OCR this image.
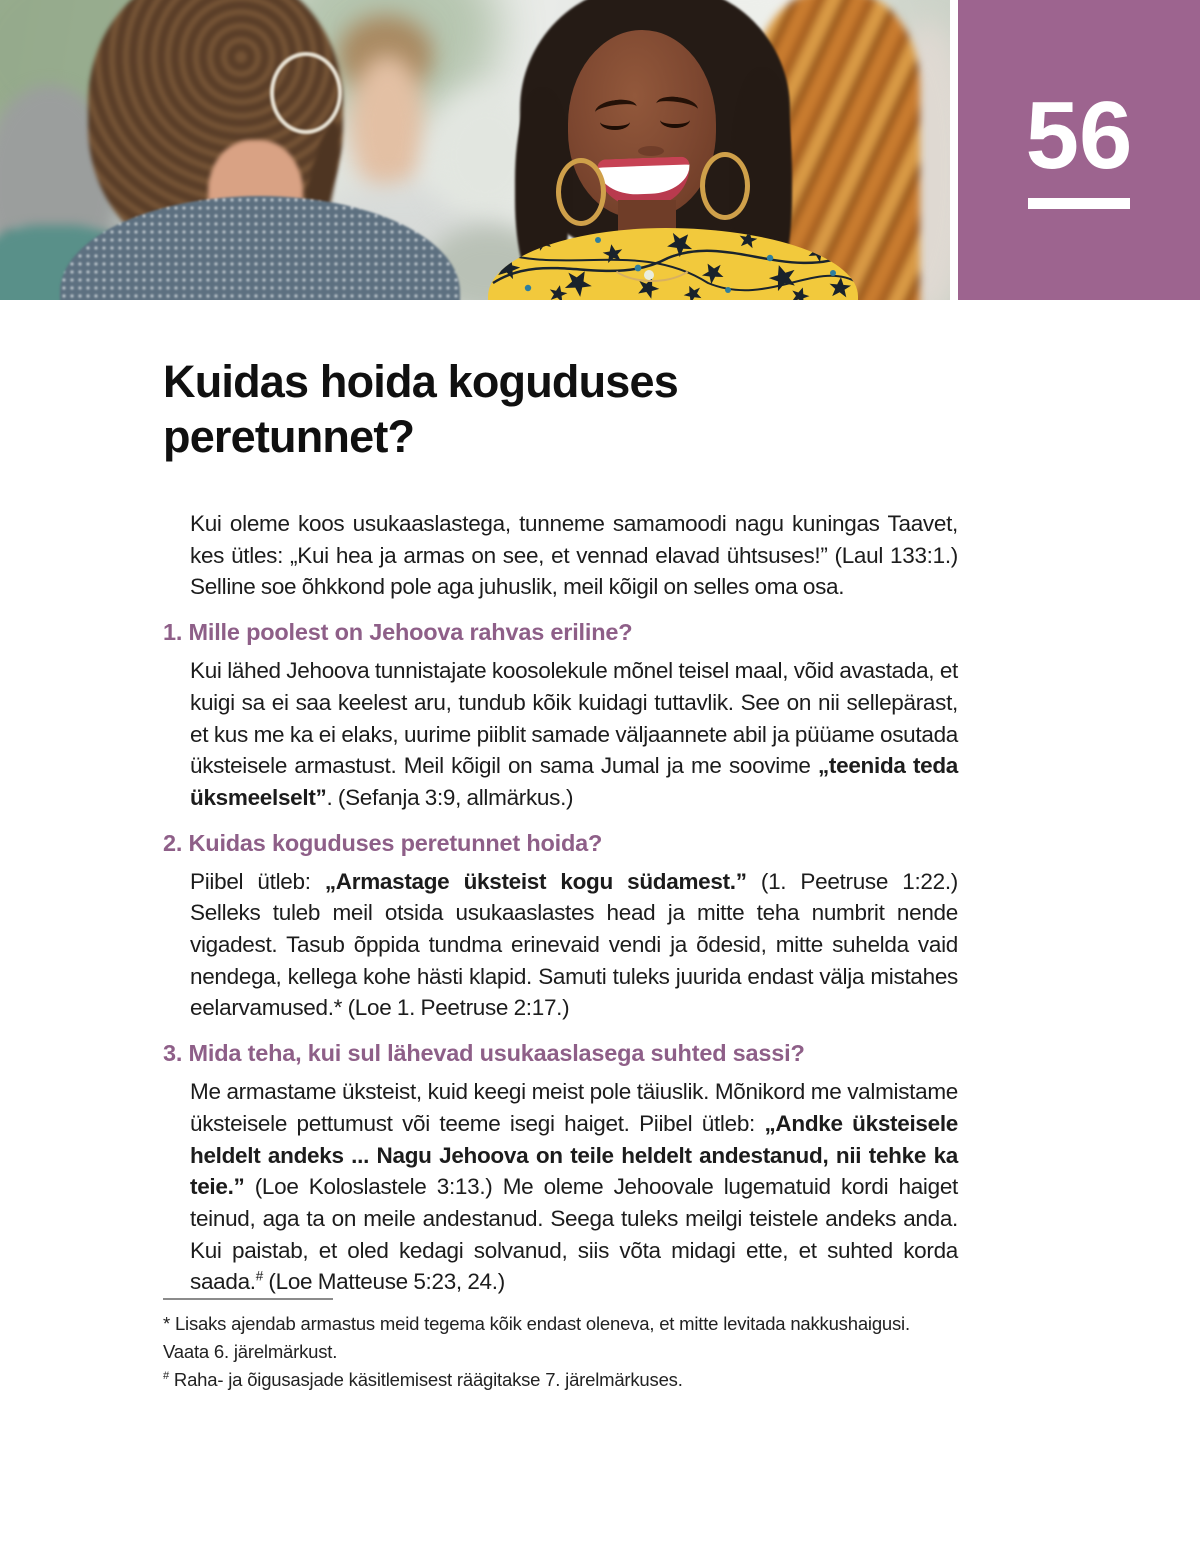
56
Kuidas hoida koguduses peretunnet?

Kui oleme koos usukaaslastega, tunneme samamoodi nagu kuningas Taavet, kes ütles: „Kui hea ja armas on see, et vennad elavad ühtsuses!” (Laul 133:1.) Selline soe õhkkond pole aga juhuslik, meil kõigil on selles oma osa.

1. Mille poolest on Jehoova rahvas eriline?

Kui lähed Jehoova tunnistajate koosolekule mõnel teisel maal, võid avastada, et kuigi sa ei saa keelest aru, tundub kõik kuidagi tuttavlik. See on nii sellepärast, et kus me ka ei elaks, uurime piiblit samade väljaannete abil ja püüame osutada üksteisele armastust. Meil kõigil on sama Jumal ja me soovime „teenida teda üksmeelselt”. (Sefanja 3:9, allmärkus.)

2. Kuidas koguduses peretunnet hoida?

Piibel ütleb: „Armastage üksteist kogu südamest.” (1. Peetruse 1:22.) Selleks tuleb meil otsida usukaaslastes head ja mitte teha numbrit nende vigadest. Tasub õppida tundma erinevaid vendi ja õdesid, mitte suhelda vaid nendega, kellega kohe hästi klapid. Samuti tuleks juurida endast välja mistahes eelarvamused.* (Loe 1. Peetruse 2:17.)

3. Mida teha, kui sul lähevad usukaaslasega suhted sassi?

Me armastame üksteist, kuid keegi meist pole täiuslik. Mõnikord me valmistame üksteisele pettumust või teeme isegi haiget. Piibel ütleb: „Andke üksteisele heldelt andeks ... Nagu Jehoova on teile heldelt andestanud, nii tehke ka teie.” (Loe Koloslastele 3:13.) Me oleme Jehoovale lugematuid kordi haiget teinud, aga ta on meile andestanud. Seega tuleks meilgi teistele andeks anda. Kui paistab, et oled kedagi solvanud, siis võta midagi ette, et suhted korda saada.# (Loe Matteuse 5:23, 24.)

* Lisaks ajendab armastus meid tegema kõik endast oleneva, et mitte levitada nakkushaigusi. Vaata 6. järelmärkust.

# Raha- ja õigusasjade käsitlemisest räägitakse 7. järelmärkuses.
